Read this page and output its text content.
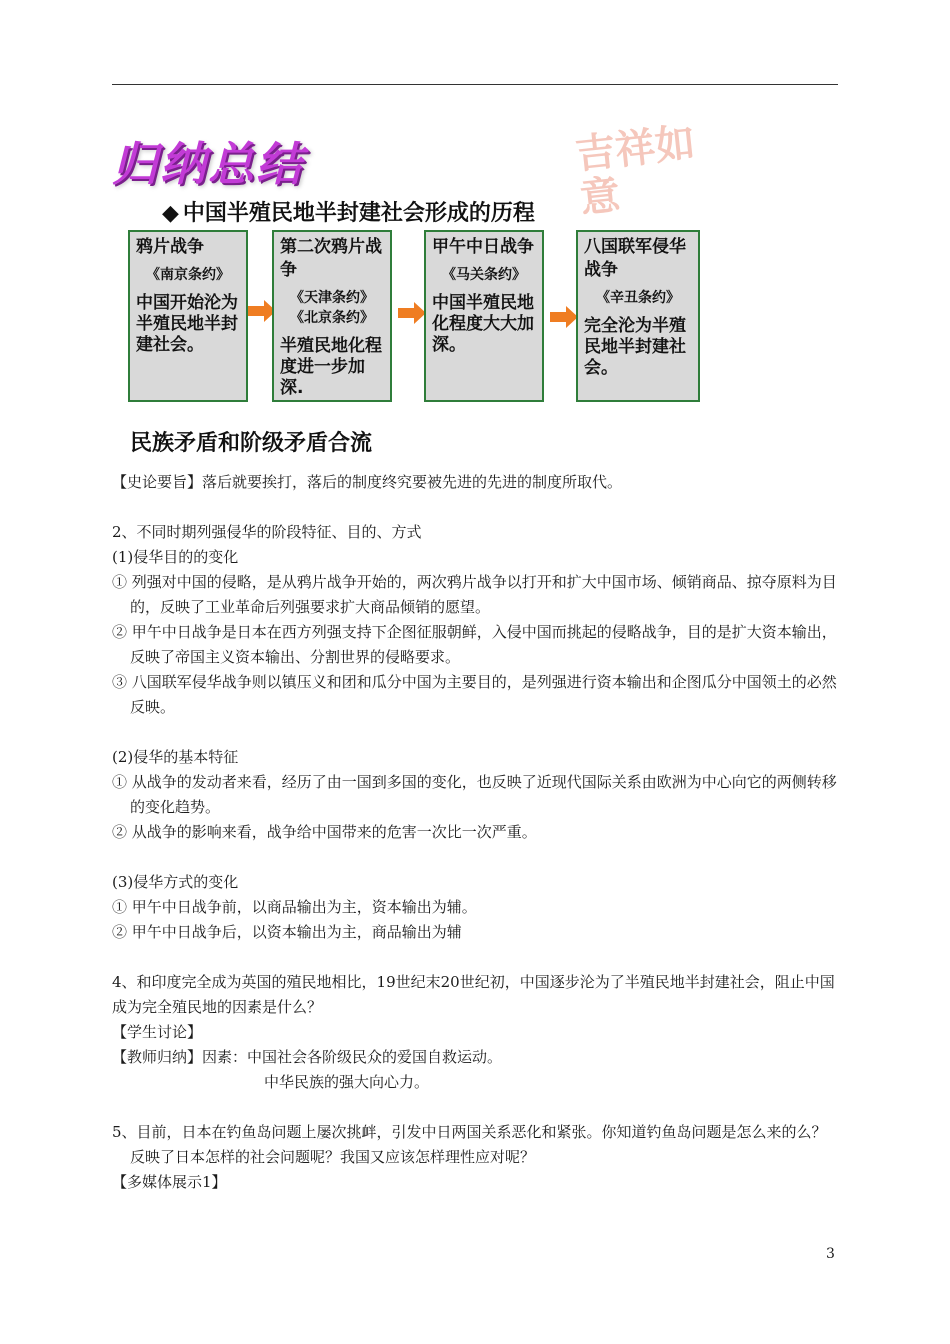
归纳总结	吉祥如意
◆ 中国半殖民地半封建社会形成的历程
鸦片战争
《南京条约》
中国开始沦为半殖民地半封建社会。
第二次鸦片战争
《天津条约》《北京条约》
半殖民地化程度进一步加深.
甲午中日战争
《马关条约》
中国半殖民地化程度大大加深。
八国联军侵华战争
《辛丑条约》
完全沦为半殖民地半封建社会。
民族矛盾和阶级矛盾合流

【史论要旨】落后就要挨打，落后的制度终究要被先进的先进的制度所取代。

2、不同时期列强侵华的阶段特征、目的、方式

(1)侵华目的的变化

① 列强对中国的侵略，是从鸦片战争开始的，两次鸦片战争以打开和扩大中国市场、倾销商品、掠夺原料为目的，反映了工业革命后列强要求扩大商品倾销的愿望。

② 甲午中日战争是日本在西方列强支持下企图征服朝鲜，入侵中国而挑起的侵略战争，目的是扩大资本输出，反映了帝国主义资本输出、分割世界的侵略要求。

③ 八国联军侵华战争则以镇压义和团和瓜分中国为主要目的，是列强进行资本输出和企图瓜分中国领土的必然反映。

(2)侵华的基本特征

① 从战争的发动者来看，经历了由一国到多国的变化，也反映了近现代国际关系由欧洲为中心向它的两侧转移的变化趋势。

② 从战争的影响来看，战争给中国带来的危害一次比一次严重。

(3)侵华方式的变化

① 甲午中日战争前，以商品输出为主，资本输出为辅。

② 甲午中日战争后，以资本输出为主，商品输出为辅

4、和印度完全成为英国的殖民地相比，19世纪末20世纪初，中国逐步沦为了半殖民地半封建社会，阻止中国成为完全殖民地的因素是什么？

【学生讨论】

【教师归纳】因素：中国社会各阶级民众的爱国自救运动。

中华民族的强大向心力。

5、目前，日本在钓鱼岛问题上屡次挑衅，引发中日两国关系恶化和紧张。你知道钓鱼岛问题是怎么来的么？反映了日本怎样的社会问题呢？我国又应该怎样理性应对呢？

【多媒体展示1】

3
